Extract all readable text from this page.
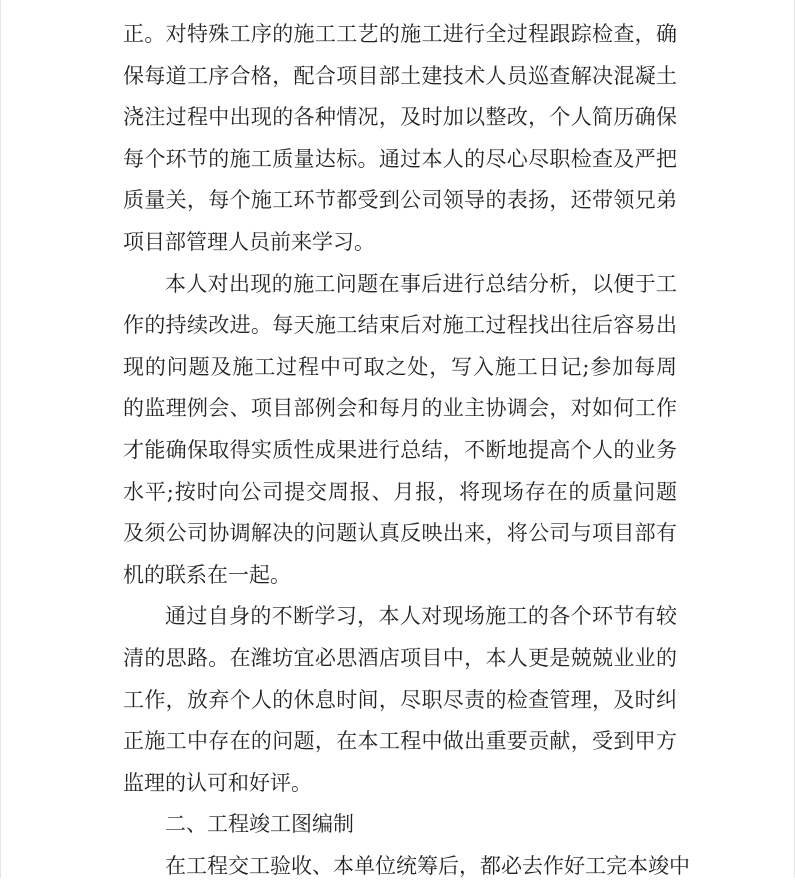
正。对特殊工序的施工工艺的施工进行全过程跟踪检查，确
保每道工序合格，配合项目部土建技术人员巡查解决混凝土
浇注过程中出现的各种情况，及时加以整改，个人简历确保
每个环节的施工质量达标。通过本人的尽心尽职检查及严把
质量关，每个施工环节都受到公司领导的表扬，还带领兄弟
项目部管理人员前来学习。
本人对出现的施工问题在事后进行总结分析，以便于工
作的持续改进。每天施工结束后对施工过程找出往后容易出
现的问题及施工过程中可取之处，写入施工日记;参加每周
的监理例会、项目部例会和每月的业主协调会，对如何工作
才能确保取得实质性成果进行总结，不断地提高个人的业务
水平;按时向公司提交周报、月报，将现场存在的质量问题
及须公司协调解决的问题认真反映出来，将公司与项目部有
机的联系在一起。
通过自身的不断学习，本人对现场施工的各个环节有较
清的思路。在潍坊宜必思酒店项目中，本人更是兢兢业业的
工作，放弃个人的休息时间，尽职尽责的检查管理，及时纠
正施工中存在的问题，在本工程中做出重要贡献，受到甲方
监理的认可和好评。
二、工程竣工图编制
在工程交工验收、本单位统筹后，都必去作好工完本竣中
